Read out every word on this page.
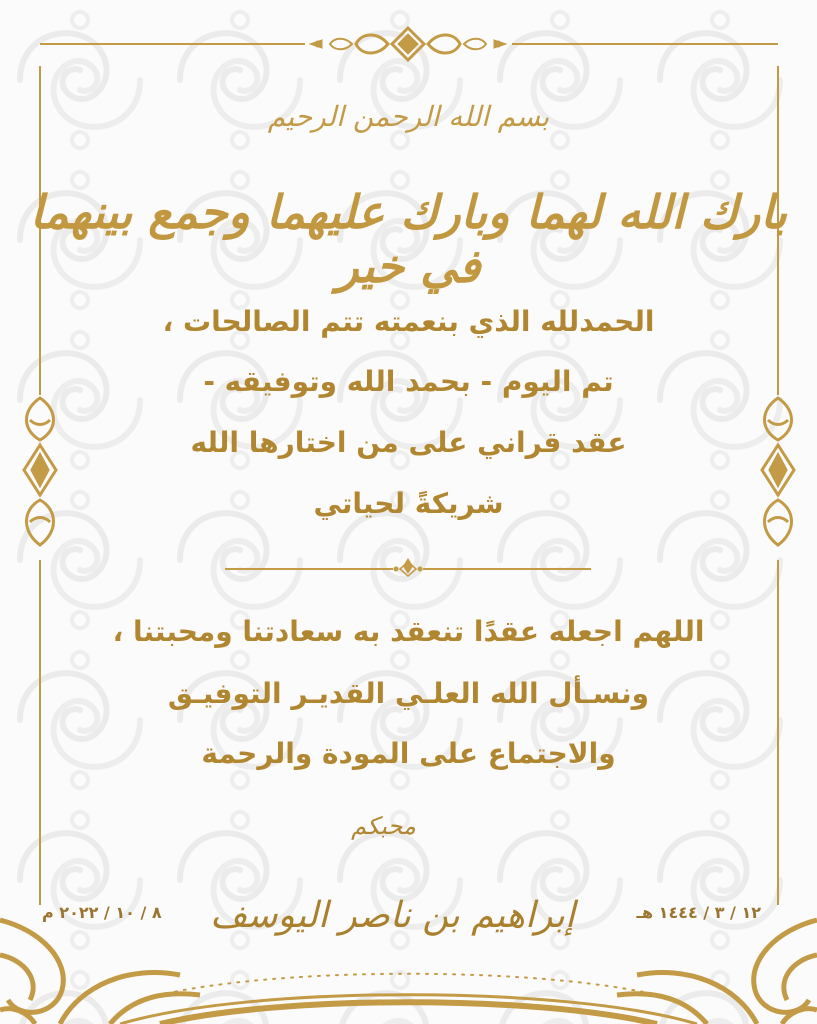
بسم الله الرحمن الرحيم
بارك الله لهما وبارك عليهما وجمع بينهما في خير
الحمدلله الذي بنعمته تتم الصالحات ،
تم اليوم - بحمد الله وتوفيقه -
عقد قراني على من اختارها الله
شريكةً لحياتي
اللهم اجعله عقدًا تنعقد به سعادتنا ومحبتنا ،
ونسـأل الله العلـي القديـر التوفيـق
والاجتماع على المودة والرحمة
محبكم
إبراهيم بن ناصر اليوسف	١٢ / ٣ / ١٤٤٤ هـ
٨ / ١٠ / ٢٠٢٢ م
